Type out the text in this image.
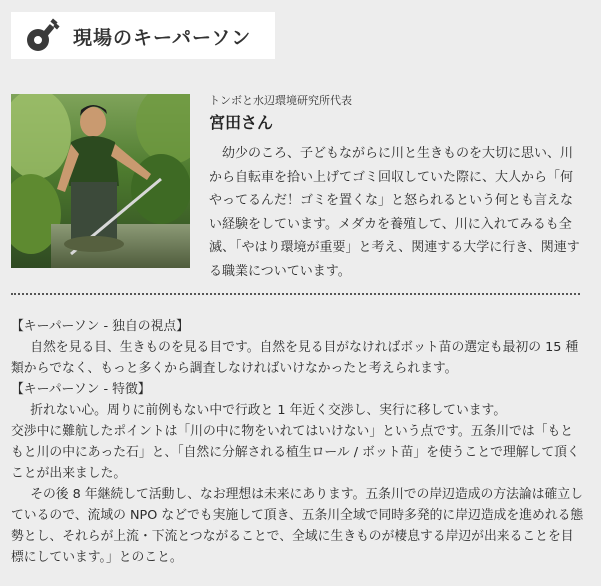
現場のキーパーソン
トンボと水辺環境研究所代表
宮田さん

幼少のころ、子どもながらに川と生きものを大切に思い、川から自転車を拾い上げてゴミ回収していた際に、大人から「何やってるんだ！ゴミを置くな」と怒られるという何とも言えない経験をしています。メダカを養殖して、川に入れてみるも全滅、「やはり環境が重要」と考え、関連する大学に行き、関連する職業についています。

【キーパーソン - 独自の視点】
自然を見る目、生きものを見る目です。自然を見る目がなければボット苗の選定も最初の 15 種類からでなく、もっと多くから調査しなければいけなかったと考えられます。
【キーパーソン - 特徴】
折れない心。周りに前例もない中で行政と 1 年近く交渉し、実行に移しています。
交渉中に難航したポイントは「川の中に物をいれてはいけない」という点です。五条川では「もともと川の中にあった石」と、「自然に分解される植生ロール / ボット苗」を使うことで理解して頂くことが出来ました。
その後 8 年継続して活動し、なお理想は未来にあります。五条川での岸辺造成の方法論は確立しているので、流域の NPO などでも実施して頂き、五条川全域で同時多発的に岸辺造成を進めれる態勢とし、それらが上流・下流とつながることで、全域に生きものが棲息する岸辺が出来ることを目標にしています。」とのこと。
